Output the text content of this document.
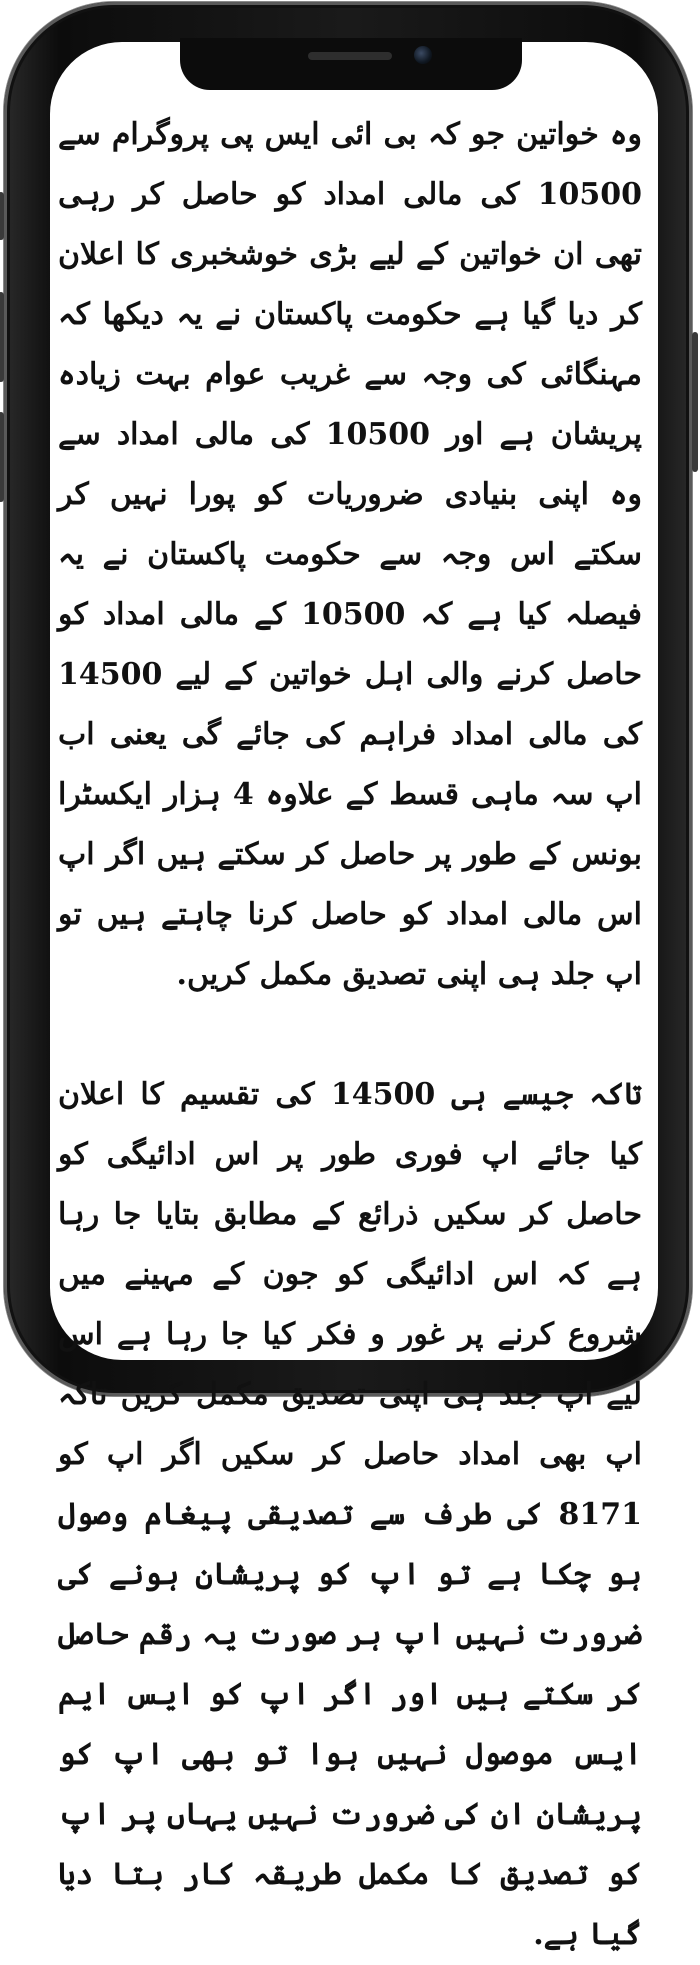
وہ خواتین جو کہ بی ائی ایس پی پروگرام سے 10500 کی مالی امداد کو حاصل کر رہی تھی ان خواتین کے لیے بڑی خوشخبری کا اعلان کر دیا گیا ہے حکومت پاکستان نے یہ دیکھا کہ مہنگائی کی وجہ سے غریب عوام بہت زیادہ پریشان ہے اور 10500 کی مالی امداد سے وہ اپنی بنیادی ضروریات کو پورا نہیں کر سکتے اس وجہ سے حکومت پاکستان نے یہ فیصلہ کیا ہے کہ 10500 کے مالی امداد کو حاصل کرنے والی اہل خواتین کے لیے 14500 کی مالی امداد فراہم کی جائے گی یعنی اب اپ سہ ماہی قسط کے علاوہ 4 ہزار ایکسٹرا بونس کے طور پر حاصل کر سکتے ہیں اگر اپ اس مالی امداد کو حاصل کرنا چاہتے ہیں تو اپ جلد ہی اپنی تصدیق مکمل کریں.

تاکہ جیسے ہی 14500 کی تقسیم کا اعلان کیا جائے اپ فوری طور پر اس ادائیگی کو حاصل کر سکیں ذرائع کے مطابق بتایا جا رہا ہے کہ اس ادائیگی کو جون کے مہینے میں شروع کرنے پر غور و فکر کیا جا رہا ہے اس لیے اپ جلد ہی اپنی تصدیق مکمل کریں تاکہ اپ بھی امداد حاصل کر سکیں اگر اپ کو 8171 کی طرف سے تصدیقی پیغام وصول ہو چکا ہے تو اپ کو پریشان ہونے کی ضرورت نہیں اپ ہر صورت یہ رقم حاصل کر سکتے ہیں اور اگر اپ کو ایس ایم ایس موصول نہیں ہوا تو بھی اپ کو پریشان ان کی ضرورت نہیں یہاں پر اپ کو تصدیق کا مکمل طریقہ کار بتا دیا گیا ہے.
